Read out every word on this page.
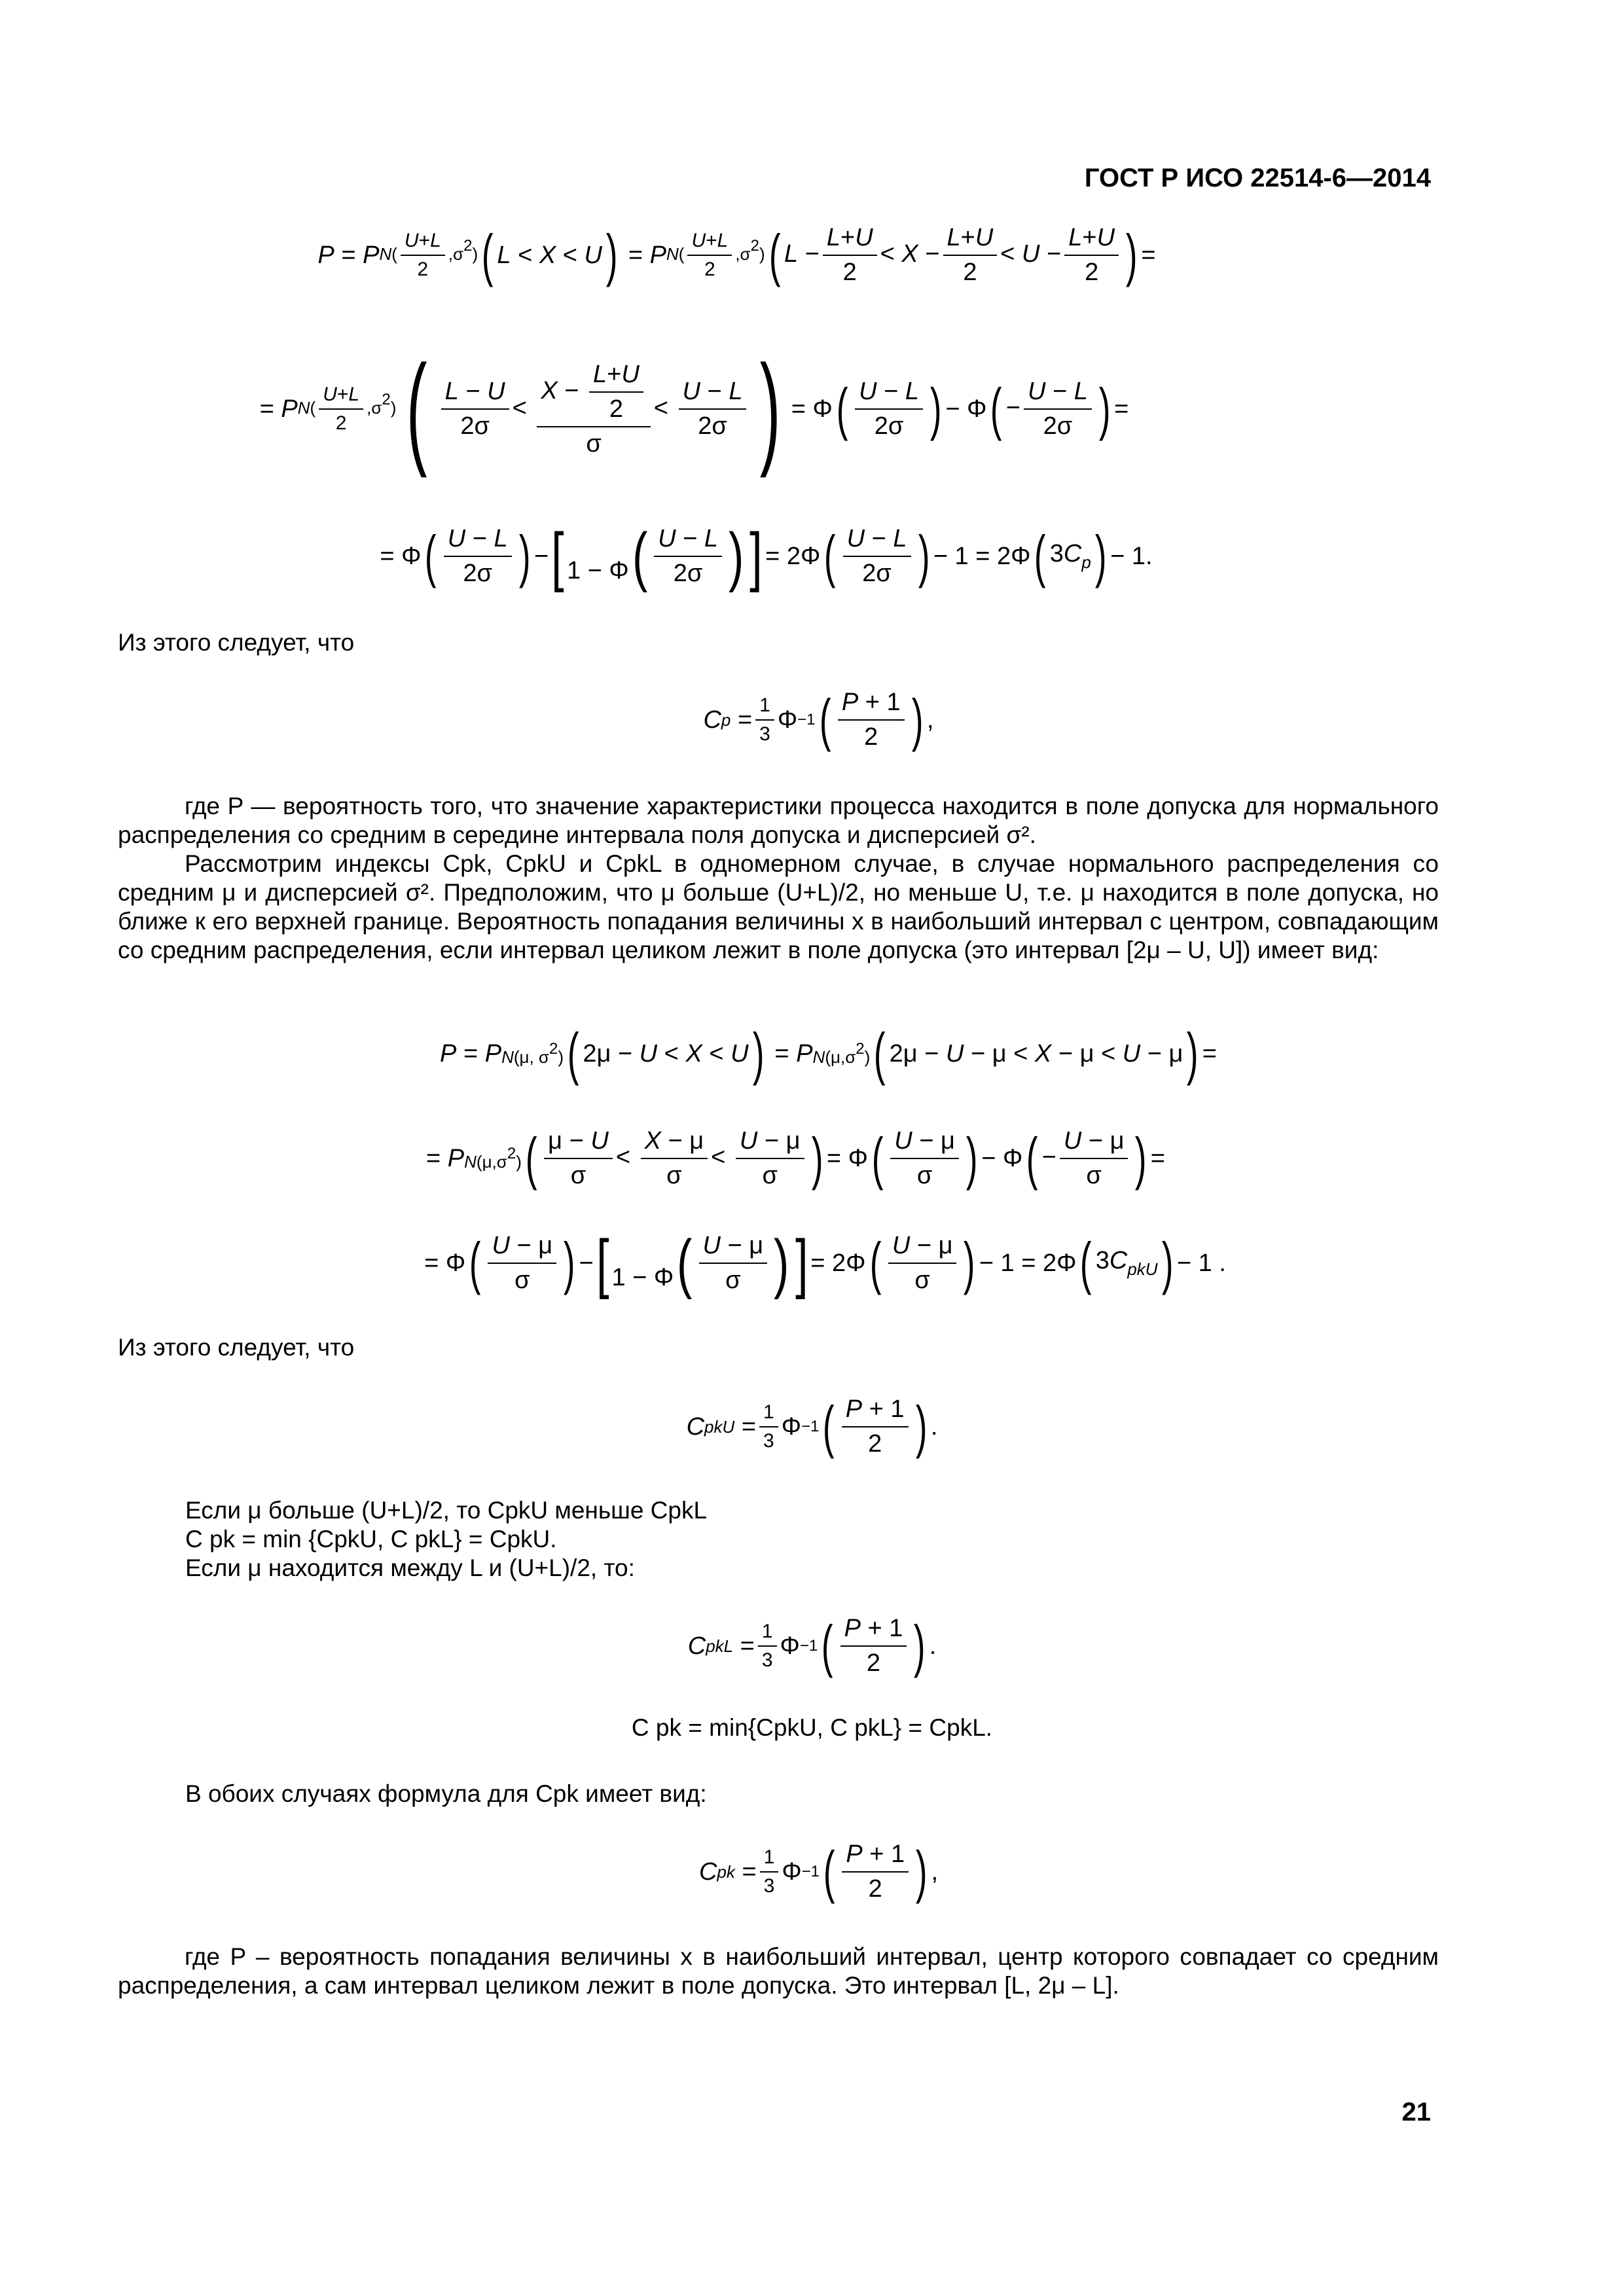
ГОСТ Р ИСО 22514-6—2014
P = P $N( \frac{U+L}{2} ,\sigma 2)$ ( L < X < U ) = P $N( \frac{U+L}{2} ,\sigma 2)$ ( $L - \frac{L+U}{2} < X - \frac{L+U}{2} < U - \frac{L+U}{2}$ ) =
= P $N( \frac{U+L}{2} ,\sigma 2)$ ( $\frac{L - U}{2\sigma} < \frac{X - \frac{L+U}{2}}{\sigma} < \frac{U - L}{2\sigma}$ ) = Φ ( $\frac{U - L}{2\sigma}$ ) − Φ ( − $\frac{U - L}{2\sigma}$ ) =
= Φ ( $\frac{U - L}{2\sigma}$ ) − [ 1 − Φ ( $\frac{U - L}{2\sigma}$ ) ] = 2Φ ( $\frac{U - L}{2\sigma}$ ) − 1 = 2Φ ( $3C_p$ ) − 1.
Из этого следует, что
C $p = \frac{1}{3}$ Φ −1 ( $\frac{P + 1}{2}$ ) ,
где P — вероятность того, что значение характеристики процесса находится в поле допуска для нормального распределения со средним в середине интервала поля допуска и дисперсией σ².
Рассмотрим индексы Cpk, CpkU и CpkL в одномерном случае, в случае нормального распределения со средним μ и дисперсией σ². Предположим, что μ больше (U+L)/2, но меньше U, т.е. μ находится в поле допуска, но ближе к его верхней границе. Вероятность попадания величины x в наибольший интервал с центром, совпадающим со средним распределения, если интервал целиком лежит в поле допуска (это интервал [2μ – U, U]) имеет вид:
P = P N(μ, σ2) ( 2μ − U < X < U ) = P N(μ,σ2) ( 2μ − U − μ < X − μ < U − μ ) =
= P N(μ,σ2) ( $\frac{\mu - U}{\sigma} < \frac{X - \mu}{\sigma} < \frac{U - \mu}{\sigma}$ ) = Φ ( $\frac{U - \mu}{\sigma}$ ) − Φ ( − $\frac{U - \mu}{\sigma}$ ) =
= Φ ( $\frac{U - \mu}{\sigma}$ ) − [ 1 − Φ ( $\frac{U - \mu}{\sigma}$ ) ] = 2Φ ( $\frac{U - \mu}{\sigma}$ ) − 1 = 2Φ ( $3C_{pkU}$ ) − 1 .
Из этого следует, что
C pkU = $\frac{1}{3}$ Φ −1 ( $\frac{P + 1}{2}$ ) .
Если μ больше (U+L)/2, то CpkU меньше CpkL
C pk = min {CpkU, C pkL} = CpkU.
Если μ находится между L и (U+L)/2, то:
C pkL = $\frac{1}{3}$ Φ −1 ( $\frac{P + 1}{2}$ ) .
C pk = min{CpkU, C pkL} = CpkL.
В обоих случаях формула для Cpk имеет вид:
C pk = $\frac{1}{3}$ Φ −1 ( $\frac{P + 1}{2}$ ) ,
где P – вероятность попадания величины x в наибольший интервал, центр которого совпадает со средним распределения, а сам интервал целиком лежит в поле допуска. Это интервал [L, 2μ – L].
21
